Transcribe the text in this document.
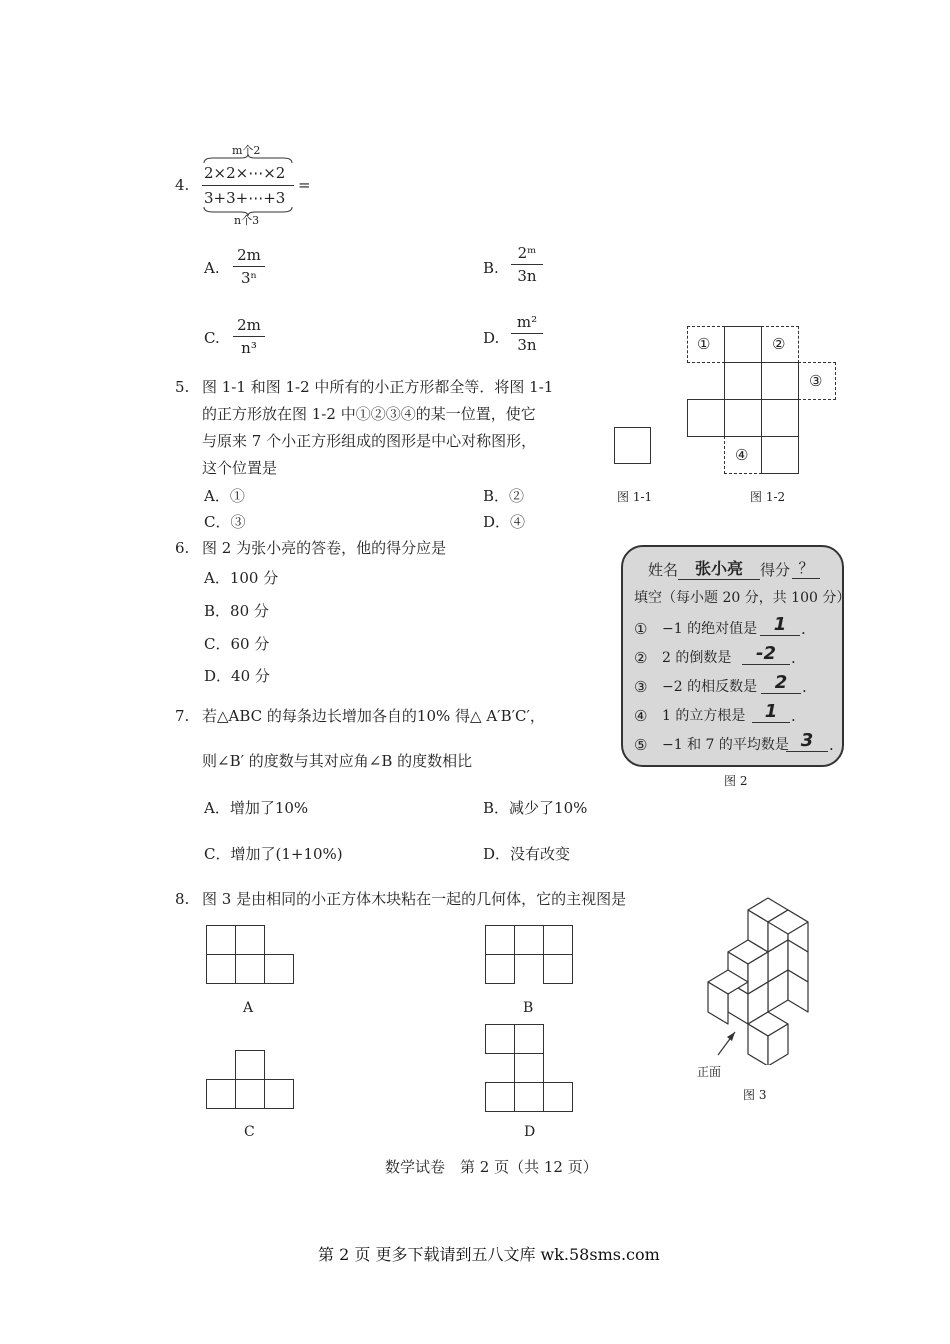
4.
m个2
2×2×⋯×2
3+3+⋯+3
n个3
=
A. $\frac{2m}{\text{3ⁿ}}$	B. $\frac{\text{2ᵐ}}{3n}$
C. $\frac{2m}{\text{n³}}$	D. $\frac{\text{m²}}{3n}$
5. 图 1-1 和图 1-2 中所有的小正方形都全等．将图 1-1
的正方形放在图 1-2 中①②③④的某一位置，使它
与原来 7 个小正方形组成的图形是中心对称图形，
这个位置是
A．①	B．②
C．③	D．④
图 1-1
①	②
③
④
图 1-2
6. 图 2 为张小亮的答卷，他的得分应是
A．100 分
B．80 分
C．60 分
D．40 分
姓名	张小亮	得分 ？
填空（每小题 20 分，共 100 分）
① −1 的绝对值是 1 .
② 2 的倒数是	-2	.
③ −2 的相反数是 2 .
④ 1 的立方根是	1 .
⑤ −1 和 7 的平均数是 3	.
图 2
7. 若△ABC 的每条边长增加各自的10% 得△ A′B′C′，
则∠B′ 的度数与其对应角∠B 的度数相比
A．增加了10%	B．减少了10%
C．增加了(1+10%)	D．没有改变
8. 图 3 是由相同的小正方体木块粘在一起的几何体，它的主视图是
A	B
C	D
正面
图 3
数学试卷　第 2 页（共 12 页）
第 2 页 更多下载请到五八文库 wk.58sms.com
